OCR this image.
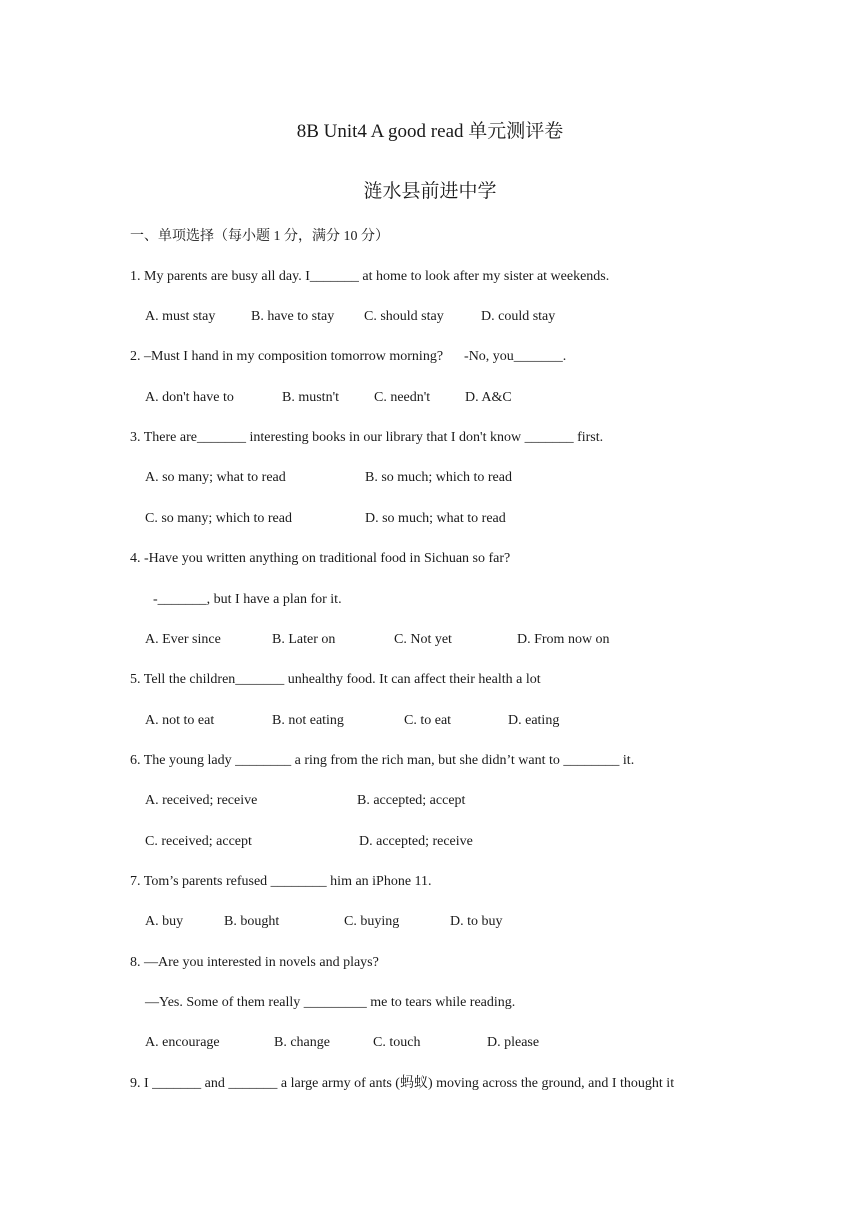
8B Unit4 A good read 单元测评卷
涟水县前进中学
一、单项选择（每小题 1 分，满分 10 分）
1. My parents are busy all day. I_______ at home to look after my sister at weekends.
A. must stay	B. have to stay C. should stay	D. could stay
2. –Must I hand in my composition tomorrow morning?      -No, you_______.
A. don't have to	B. mustn't	C. needn't D. A&C
3. There are_______ interesting books in our library that I don't know _______ first.
A. so many; what to read	B. so much; which to read
C. so many; which to read	D. so much; what to read
4. -Have you written anything on traditional food in Sichuan so far?
-_______, but I have a plan for it.
A. Ever since	B. Later on	C. Not yet	D. From now on
5. Tell the children_______ unhealthy food. It can affect their health a lot
A. not to eat	B. not eating	C. to eat	D. eating
6. The young lady ________ a ring from the rich man, but she didn’t want to ________ it.
A. received; receive	B. accepted; accept
C. received; accept	D. accepted; receive
7. Tom’s parents refused ________ him an iPhone 11.
A. buy	B. bought	C. buying	D. to buy
8. —Are you interested in novels and plays?
—Yes. Some of them really _________ me to tears while reading.
A. encourage	B. change	C. touch	D. please
9. I _______ and _______ a large army of ants (蚂蚁) moving across the ground, and I thought it
